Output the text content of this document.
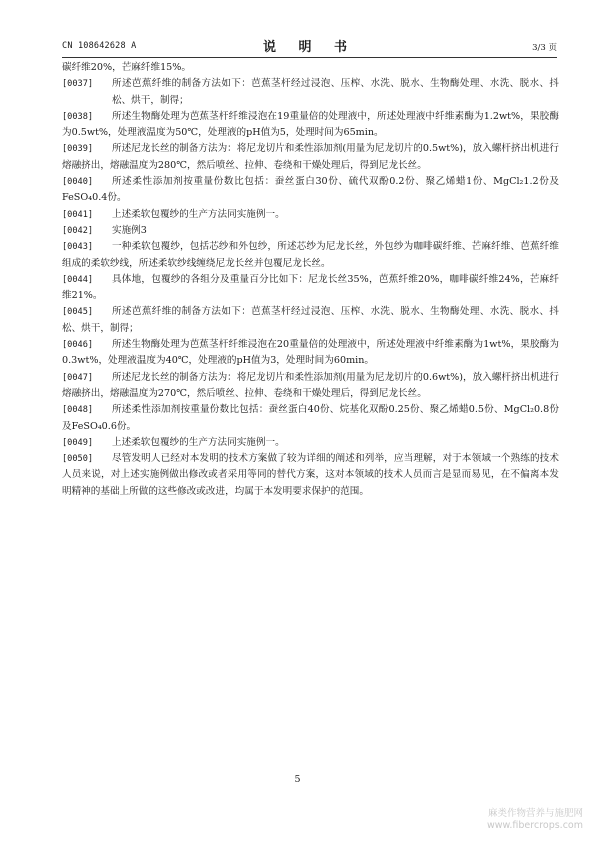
CN 108642628 A	说 明 书	3/3 页

碳纤维20%，芒麻纤维15%。

[0037] 所述芭蕉纤维的制备方法如下：芭蕉茎杆经过浸泡、压榨、水洗、脱水、生物酶处理、水洗、脱水、抖松、烘干，制得；

[0038] 所述生物酶处理为芭蕉茎杆纤维浸泡在19重量倍的处理液中，所述处理液中纤维素酶为1.2wt%，果胶酶为0.5wt%，处理液温度为50℃，处理液的pH值为5，处理时间为65min。

[0039] 所述尼龙长丝的制备方法为：将尼龙切片和柔性添加剂(用量为尼龙切片的0.5wt%)，放入螺杆挤出机进行熔融挤出，熔融温度为280℃，然后喷丝、拉伸、卷绕和干燥处理后，得到尼龙长丝。

[0040] 所述柔性添加剂按重量份数比包括：蚕丝蛋白30份、硫代双酚0.2份、聚乙烯蜡1份、MgCl₂1.2份及FeSO₄0.4份。

[0041] 上述柔软包覆纱的生产方法同实施例一。

[0042] 实施例3

[0043] 一种柔软包覆纱，包括芯纱和外包纱，所述芯纱为尼龙长丝，外包纱为咖啡碳纤维、芒麻纤维、芭蕉纤维组成的柔软纱线，所述柔软纱线缠绕尼龙长丝并包覆尼龙长丝。

[0044] 具体地，包覆纱的各组分及重量百分比如下：尼龙长丝35%，芭蕉纤维20%，咖啡碳纤维24%，芒麻纤维21%。

[0045] 所述芭蕉纤维的制备方法如下：芭蕉茎杆经过浸泡、压榨、水洗、脱水、生物酶处理、水洗、脱水、抖松、烘干，制得；

[0046] 所述生物酶处理为芭蕉茎杆纤维浸泡在20重量倍的处理液中，所述处理液中纤维素酶为1wt%，果胶酶为0.3wt%，处理液温度为40℃，处理液的pH值为3，处理时间为60min。

[0047] 所述尼龙长丝的制备方法为：将尼龙切片和柔性添加剂(用量为尼龙切片的0.6wt%)，放入螺杆挤出机进行熔融挤出，熔融温度为270℃，然后喷丝、拉伸、卷绕和干燥处理后，得到尼龙长丝。

[0048] 所述柔性添加剂按重量份数比包括：蚕丝蛋白40份、烷基化双酚0.25份、聚乙烯蜡0.5份、MgCl₂0.8份及FeSO₄0.6份。

[0049] 上述柔软包覆纱的生产方法同实施例一。

[0050] 尽管发明人已经对本发明的技术方案做了较为详细的阐述和列举，应当理解，对于本领域一个熟练的技术人员来说，对上述实施例做出修改或者采用等同的替代方案，这对本领域的技术人员而言是显而易见，在不偏离本发明精神的基础上所做的这些修改或改进，均属于本发明要求保护的范围。

5
麻类作物营养与施肥网
www.fibercrops.com
